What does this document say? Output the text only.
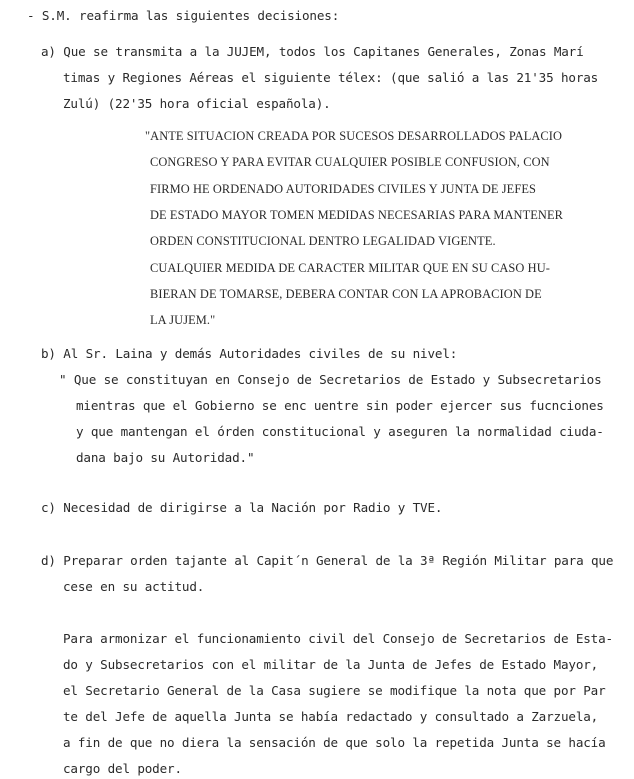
- S.M. reafirma las siguientes decisiones:
a) Que se transmita a la JUJEM, todos los Capitanes Generales, Zonas Marí
timas y Regiones Aéreas el siguiente télex: (que salió a las 21'35 horas
Zulú) (22'35 hora oficial española).
"ANTE SITUACION CREADA POR SUCESOS DESARROLLADOS PALACIO
CONGRESO Y PARA EVITAR CUALQUIER POSIBLE CONFUSION, CON
FIRMO HE ORDENADO AUTORIDADES CIVILES Y JUNTA DE JEFES
DE ESTADO MAYOR TOMEN MEDIDAS NECESARIAS PARA MANTENER
ORDEN CONSTITUCIONAL DENTRO LEGALIDAD VIGENTE.
CUALQUIER MEDIDA DE CARACTER MILITAR QUE EN SU CASO HU-
BIERAN DE TOMARSE, DEBERA CONTAR CON LA APROBACION DE
LA JUJEM."
b) Al Sr. Laina y demás Autoridades civiles de su nivel:
" Que se constituyan en Consejo de Secretarios de Estado y Subsecretarios
mientras que el Gobierno se enc uentre sin poder ejercer sus fucnciones
y que mantengan el órden constitucional y aseguren la normalidad ciuda-
dana bajo su Autoridad."
c) Necesidad de dirigirse a la Nación por Radio y TVE.
d) Preparar orden tajante al Capit´n General de la 3ª Región Militar para que
cese en su actitud.
Para armonizar el funcionamiento civil del Consejo de Secretarios de Esta-
do y Subsecretarios con el militar de la Junta de Jefes de Estado Mayor,
el Secretario General de la Casa sugiere se modifique la nota que por Par
te del Jefe de aquella Junta se había redactado y consultado a Zarzuela,
a fin de que no diera la sensación de que solo la repetida Junta se hacía
cargo del poder.
